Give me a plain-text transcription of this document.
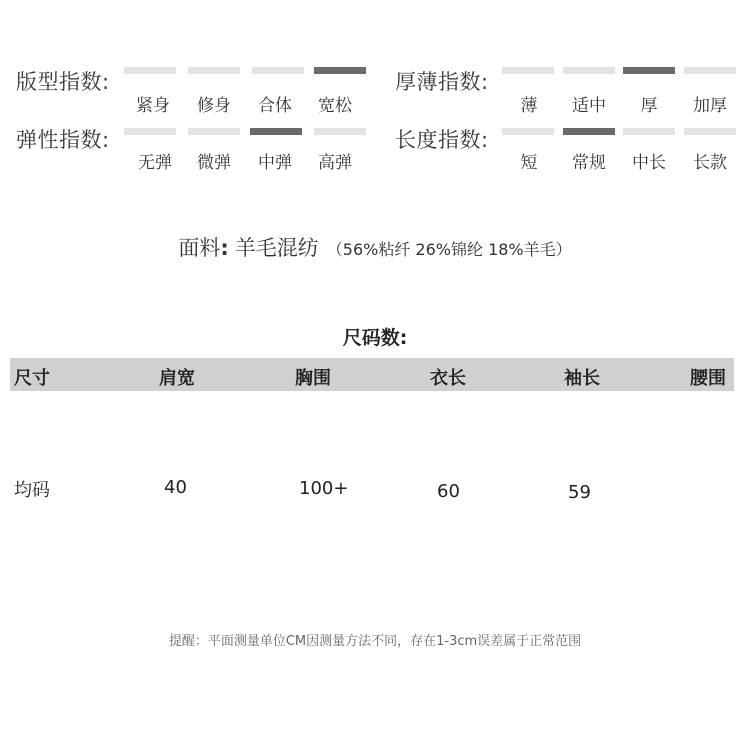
版型指数:
紧身	修身	合体	宽松
厚薄指数:
薄	适中	厚	加厚
弹性指数:
无弹	微弹	中弹	高弹
长度指数:
短	常规	中长	长款
面料: 羊毛混纺 （56%粘纤 26%锦纶 18%羊毛）
尺码数:
尺寸	肩宽	胸围	衣长	袖长	腰围
均码	40	100+	60	59
提醒：平面测量单位CM因测量方法不同，存在1-3cm误差属于正常范围
